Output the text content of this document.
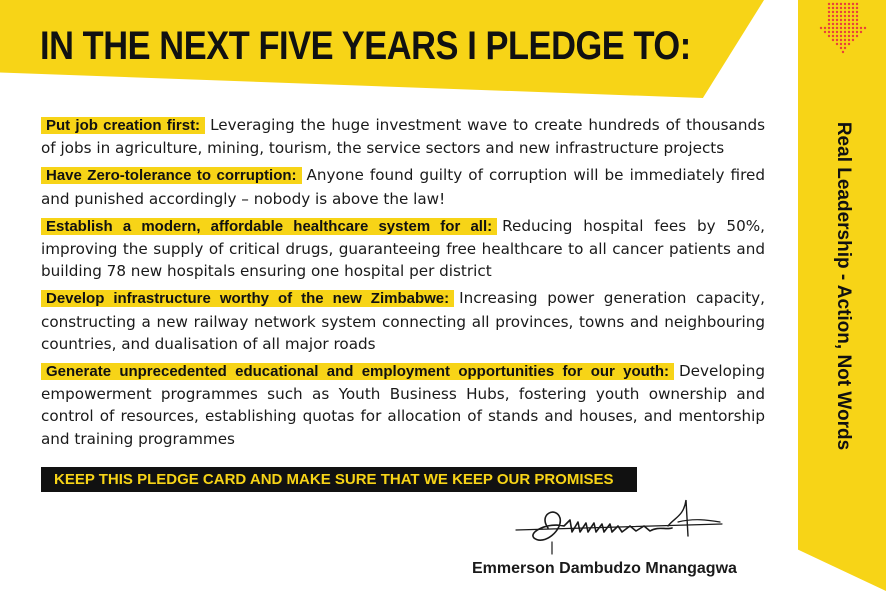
IN THE NEXT FIVE YEARS I PLEDGE TO:

Put job creation first: Leveraging the huge investment wave to create hundreds of thousands of jobs in agriculture, mining, tourism, the service sectors and new infrastructure projects

Have Zero-tolerance to corruption: Anyone found guilty of corruption will be immediately fired and punished accordingly – nobody is above the law!

Establish a modern, affordable healthcare system for all: Reducing hospital fees by 50%, improving the supply of critical drugs, guaranteeing free healthcare to all cancer patients and building 78 new hospitals ensuring one hospital per district

Develop infrastructure worthy of the new Zimbabwe: Increasing power generation capacity, constructing a new railway network system connecting all provinces, towns and neighbouring countries, and dualisation of all major roads

Generate unprecedented educational and employment opportunities for our youth: Developing empowerment programmes such as Youth Business Hubs, fostering youth ownership and control of resources, establishing quotas for allocation of stands and houses, and mentorship and training programmes

KEEP THIS PLEDGE CARD AND MAKE SURE THAT WE KEEP OUR PROMISES
Emmerson Dambudzo Mnangagwa
Real Leadership - Action, Not Words
